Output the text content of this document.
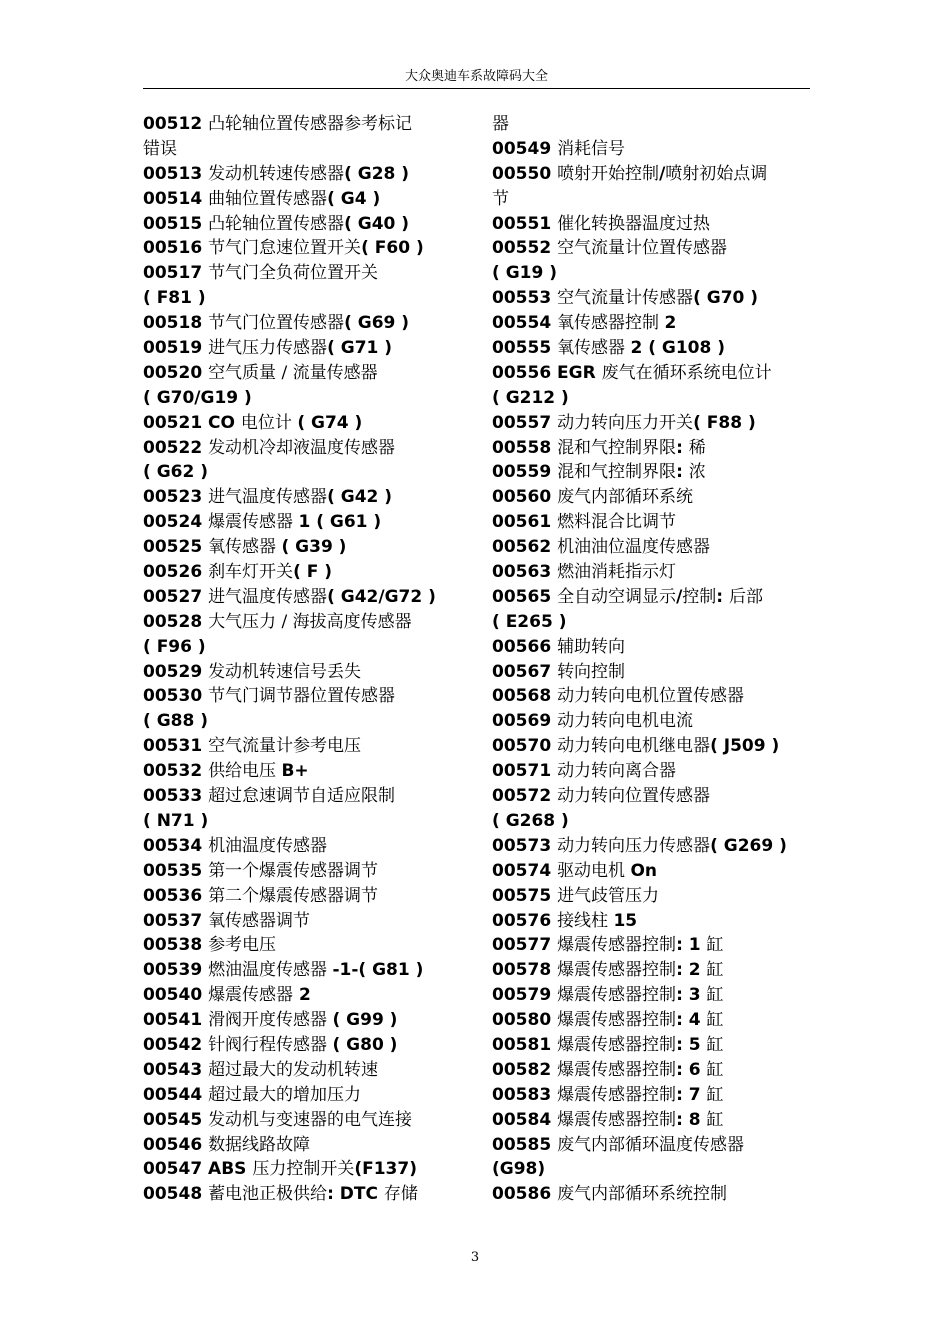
大众奥迪车系故障码大全
00512 凸轮轴位置传感器参考标记
错误
00513 发动机转速传感器( G28 )
00514 曲轴位置传感器( G4 )
00515 凸轮轴位置传感器( G40 )
00516 节气门怠速位置开关( F60 )
00517 节气门全负荷位置开关
( F81 )
00518 节气门位置传感器( G69 )
00519 进气压力传感器( G71 )
00520 空气质量 / 流量传感器
( G70/G19 )
00521 CO 电位计 ( G74 )
00522 发动机冷却液温度传感器
( G62 )
00523 进气温度传感器( G42 )
00524 爆震传感器 1 ( G61 )
00525 氧传感器 ( G39 )
00526 刹车灯开关( F )
00527 进气温度传感器( G42/G72 )
00528 大气压力 / 海拔高度传感器
( F96 )
00529 发动机转速信号丢失
00530 节气门调节器位置传感器
( G88 )
00531 空气流量计参考电压
00532 供给电压 B+
00533 超过怠速调节自适应限制
( N71 )
00534 机油温度传感器
00535 第一个爆震传感器调节
00536 第二个爆震传感器调节
00537 氧传感器调节
00538 参考电压
00539 燃油温度传感器 -1-( G81 )
00540 爆震传感器 2
00541 滑阀开度传感器 ( G99 )
00542 针阀行程传感器 ( G80 )
00543 超过最大的发动机转速
00544 超过最大的增加压力
00545 发动机与变速器的电气连接
00546 数据线路故障
00547 ABS 压力控制开关(F137)
00548 蓄电池正极供给: DTC 存储
器
00549 消耗信号
00550 喷射开始控制/喷射初始点调
节
00551 催化转换器温度过热
00552 空气流量计位置传感器
( G19 )
00553 空气流量计传感器( G70 )
00554 氧传感器控制 2
00555 氧传感器 2 ( G108 )
00556 EGR 废气在循环系统电位计
( G212 )
00557 动力转向压力开关( F88 )
00558 混和气控制界限: 稀
00559 混和气控制界限: 浓
00560 废气内部循环系统
00561 燃料混合比调节
00562 机油油位温度传感器
00563 燃油消耗指示灯
00565 全自动空调显示/控制: 后部
( E265 )
00566 辅助转向
00567 转向控制
00568 动力转向电机位置传感器
00569 动力转向电机电流
00570 动力转向电机继电器( J509 )
00571 动力转向离合器
00572 动力转向位置传感器
( G268 )
00573 动力转向压力传感器( G269 )
00574 驱动电机 On
00575 进气歧管压力
00576 接线柱 15
00577 爆震传感器控制: 1 缸
00578 爆震传感器控制: 2 缸
00579 爆震传感器控制: 3 缸
00580 爆震传感器控制: 4 缸
00581 爆震传感器控制: 5 缸
00582 爆震传感器控制: 6 缸
00583 爆震传感器控制: 7 缸
00584 爆震传感器控制: 8 缸
00585 废气内部循环温度传感器
(G98)
00586 废气内部循环系统控制
3
